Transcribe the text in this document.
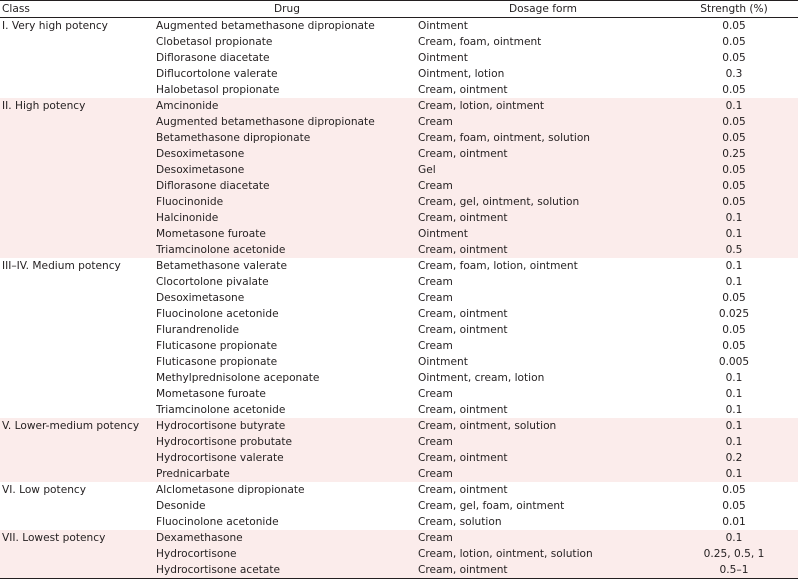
Class	Drug	Dosage form	Strength (%)
I. Very high potency	Augmented betamethasone dipropionate	Ointment	0.05
	Clobetasol propionate	Cream, foam, ointment	0.05
	Diflorasone diacetate	Ointment	0.05
	Diflucortolone valerate	Ointment, lotion	0.3
	Halobetasol propionate	Cream, ointment	0.05
II. High potency	Amcinonide	Cream, lotion, ointment	0.1
	Augmented betamethasone dipropionate	Cream	0.05
	Betamethasone dipropionate	Cream, foam, ointment, solution	0.05
	Desoximetasone	Cream, ointment	0.25
	Desoximetasone	Gel	0.05
	Diflorasone diacetate	Cream	0.05
	Fluocinonide	Cream, gel, ointment, solution	0.05
	Halcinonide	Cream, ointment	0.1
	Mometasone furoate	Ointment	0.1
	Triamcinolone acetonide	Cream, ointment	0.5
III–IV. Medium potency	Betamethasone valerate	Cream, foam, lotion, ointment	0.1
	Clocortolone pivalate	Cream	0.1
	Desoximetasone	Cream	0.05
	Fluocinolone acetonide	Cream, ointment	0.025
	Flurandrenolide	Cream, ointment	0.05
	Fluticasone propionate	Cream	0.05
	Fluticasone propionate	Ointment	0.005
	Methylprednisolone aceponate	Ointment, cream, lotion	0.1
	Mometasone furoate	Cream	0.1
	Triamcinolone acetonide	Cream, ointment	0.1
V. Lower-medium potency	Hydrocortisone butyrate	Cream, ointment, solution	0.1
	Hydrocortisone probutate	Cream	0.1
	Hydrocortisone valerate	Cream, ointment	0.2
	Prednicarbate	Cream	0.1
VI. Low potency	Alclometasone dipropionate	Cream, ointment	0.05
	Desonide	Cream, gel, foam, ointment	0.05
	Fluocinolone acetonide	Cream, solution	0.01
VII. Lowest potency	Dexamethasone	Cream	0.1
	Hydrocortisone	Cream, lotion, ointment, solution	0.25, 0.5, 1
	Hydrocortisone acetate	Cream, ointment	0.5–1
